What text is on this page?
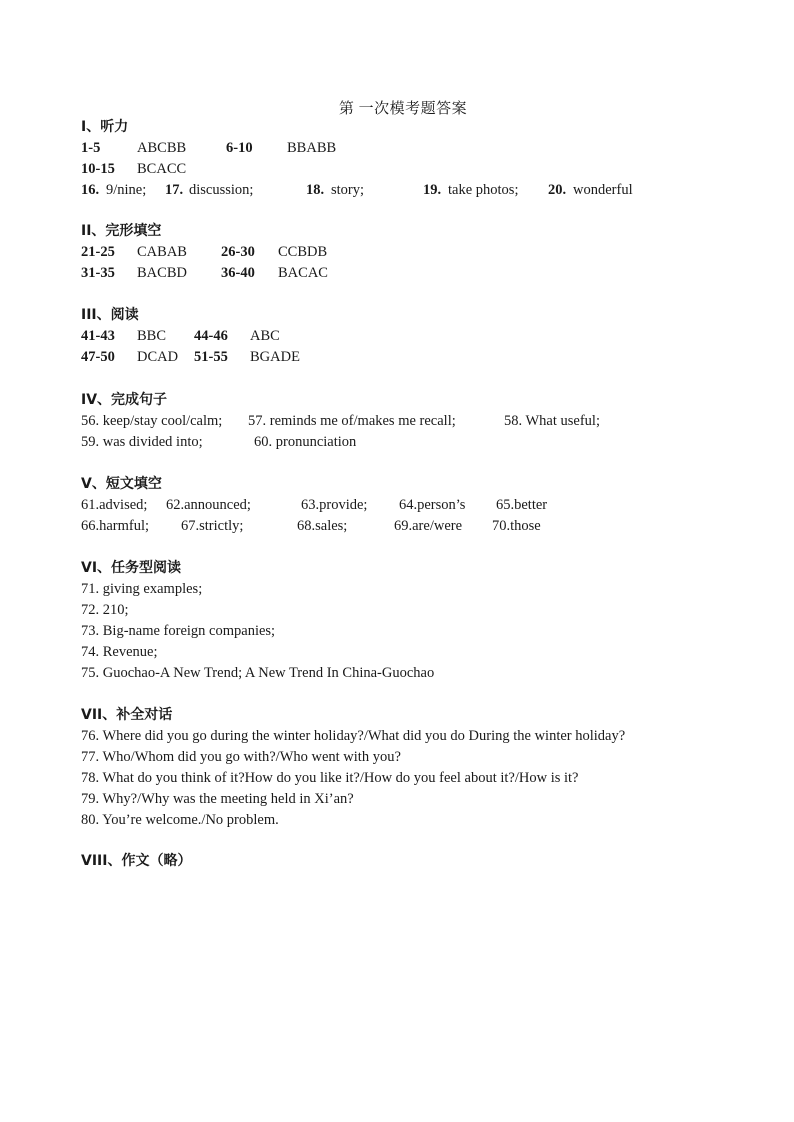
第 一次模考题答案
I、听力
1-5	ABCBB	6-10 BBABB
10-15 BCACC
16. 9/nine; 17. discussion;	18. story;	19. take photos; 20. wonderful
II、完形填空
21-25 CABAB 26-30 CCBDB
31-35 BACBD 36-40 BACAC
III、阅读
41-43 BBC 44-46 ABC
47-50 DCAD 51-55 BGADE
IV、完成句子
56. keep/stay cool/calm; 57. reminds me of/makes me recall;	58. What useful;
59. was divided into;	60. pronunciation
V、短文填空
61.advised; 62.announced;	63.provide; 64.person’s 65.better
66.harmful; 67.strictly;	68.sales;	69.are/were 70.those
VI、任务型阅读
71. giving examples;
72. 210;
73. Big-name foreign companies;
74. Revenue;
75. Guochao-A New Trend; A New Trend In China-Guochao
VII、补全对话
76. Where did you go during the winter holiday?/What did you do During the winter holiday?
77. Who/Whom did you go with?/Who went with you?
78. What do you think of it?How do you like it?/How do you feel about it?/How is it?
79. Why?/Why was the meeting held in Xi’an?
80. You’re welcome./No problem.
VIII、作文（略）
